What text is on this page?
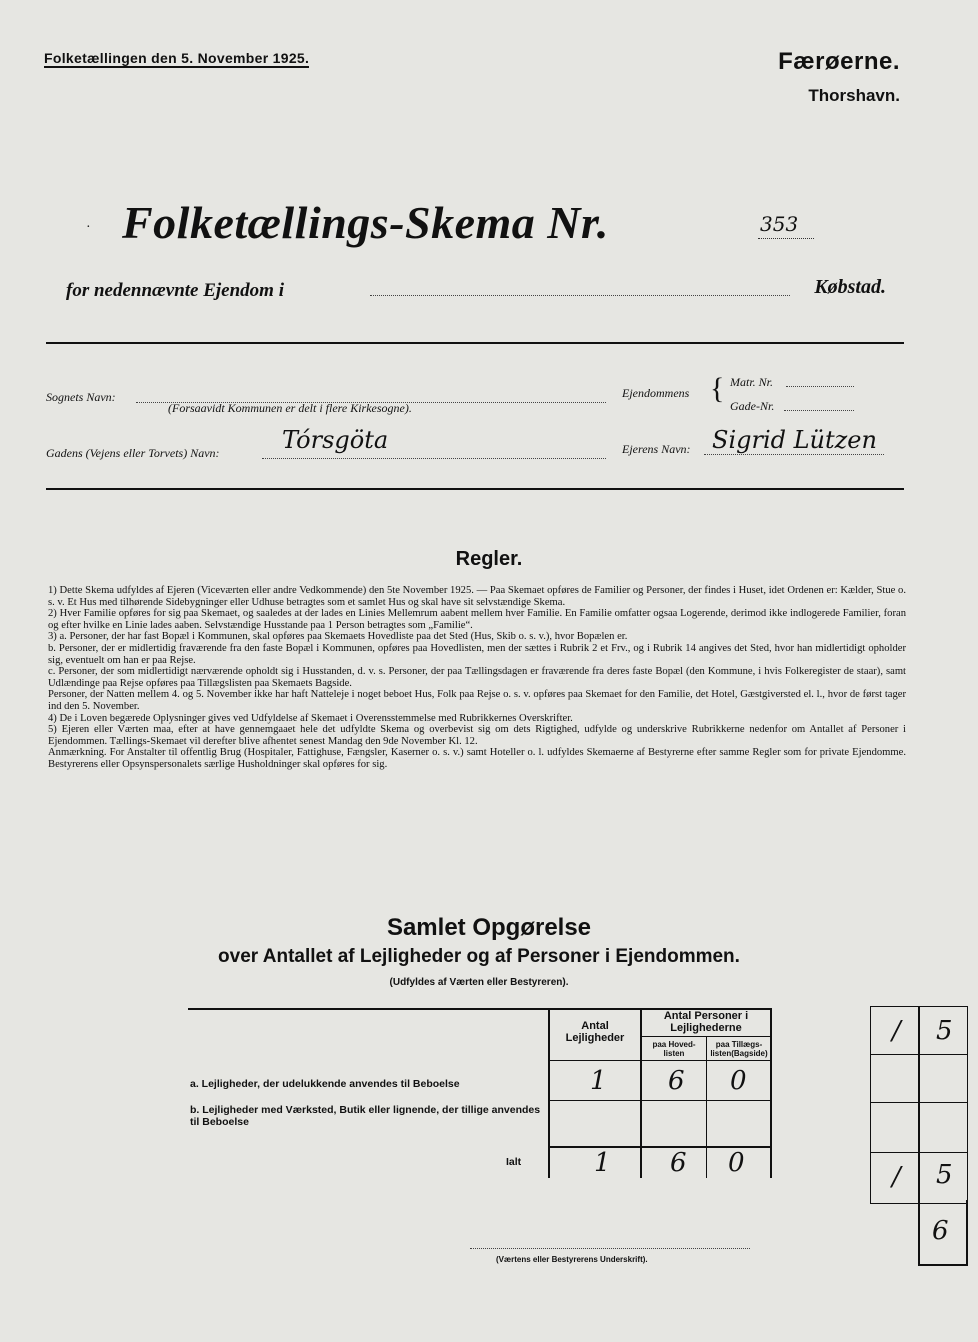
Folketællingen den 5. November 1925.	Færøerne.
Thorshavn.
· Folketællings-Skema Nr.	353
for nedennævnte Ejendom i	Købstad.
Sognets Navn:
(Forsaavidt Kommunen er delt i flere Kirkesogne).
Ejendommens { Matr. Nr.
Gade-Nr.
Gadens (Vejens eller Torvets) Navn:	Tórsgöta	Ejerens Navn: Sigrid Lützen
Regler.

1) Dette Skema udfyldes af Ejeren (Viceværten eller andre Vedkommende) den 5te November 1925. — Paa Skemaet opføres de Familier og Personer, der findes i Huset, idet Ordenen er: Kælder, Stue o. s. v. Et Hus med tilhørende Sidebygninger eller Udhuse betragtes som et samlet Hus og skal have sit selvstændige Skema.

2) Hver Familie opføres for sig paa Skemaet, og saaledes at der lades en Linies Mellemrum aabent mellem hver Familie. En Familie omfatter ogsaa Logerende, derimod ikke indlogerede Familier, foran og efter hvilke en Linie lades aaben. Selvstændige Husstande paa 1 Person betragtes som „Familie“.

3) a. Personer, der har fast Bopæl i Kommunen, skal opføres paa Skemaets Hovedliste paa det Sted (Hus, Skib o. s. v.), hvor Bopælen er.

b. Personer, der er midlertidig fraværende fra den faste Bopæl i Kommunen, opføres paa Hovedlisten, men der sættes i Rubrik 2 et Frv., og i Rubrik 14 angives det Sted, hvor han midlertidigt opholder sig, eventuelt om han er paa Rejse.

c. Personer, der som midlertidigt nærværende opholdt sig i Husstanden, d. v. s. Personer, der paa Tællingsdagen er fraværende fra deres faste Bopæl (den Kommune, i hvis Folkeregister de staar), samt Udlændinge paa Rejse opføres paa Tillægslisten paa Skemaets Bagside.

Personer, der Natten mellem 4. og 5. November ikke har haft Natteleje i noget beboet Hus, Folk paa Rejse o. s. v. opføres paa Skemaet for den Familie, det Hotel, Gæstgiversted el. l., hvor de først tager ind den 5. November.

4) De i Loven begærede Oplysninger gives ved Udfyldelse af Skemaet i Overensstemmelse med Rubrikkernes Overskrifter.

5) Ejeren eller Værten maa, efter at have gennemgaaet hele det udfyldte Skema og overbevist sig om dets Rigtighed, udfylde og underskrive Rubrikkerne nedenfor om Antallet af Personer i Ejendommen. Tællings-Skemaet vil derefter blive afhentet senest Mandag den 9de November Kl. 12.

Anmærkning. For Anstalter til offentlig Brug (Hospitaler, Fattighuse, Fængsler, Kaserner o. s. v.) samt Hoteller o. l. udfyldes Skemaerne af Bestyrerne efter samme Regler som for private Ejendomme. Bestyrerens eller Opsynspersonalets særlige Husholdninger skal opføres for sig.

Samlet Opgørelse
over Antallet af Lejligheder og af Personer i Ejendommen.
(Udfyldes af Værten eller Bestyreren).
Antal Lejligheder
Antal Personer i Lejlighederne
paa Hoved-listen
paa Tillægs-listen(Bagside)
a. Lejligheder, der udelukkende anvendes til Beboelse	1 6 0
b. Lejligheder med Værksted, Butik eller lignende, der tillige anvendes til Beboelse
Ialt	1 6 0
/ 5
/ 5
6
(Værtens eller Bestyrerens Underskrift).
